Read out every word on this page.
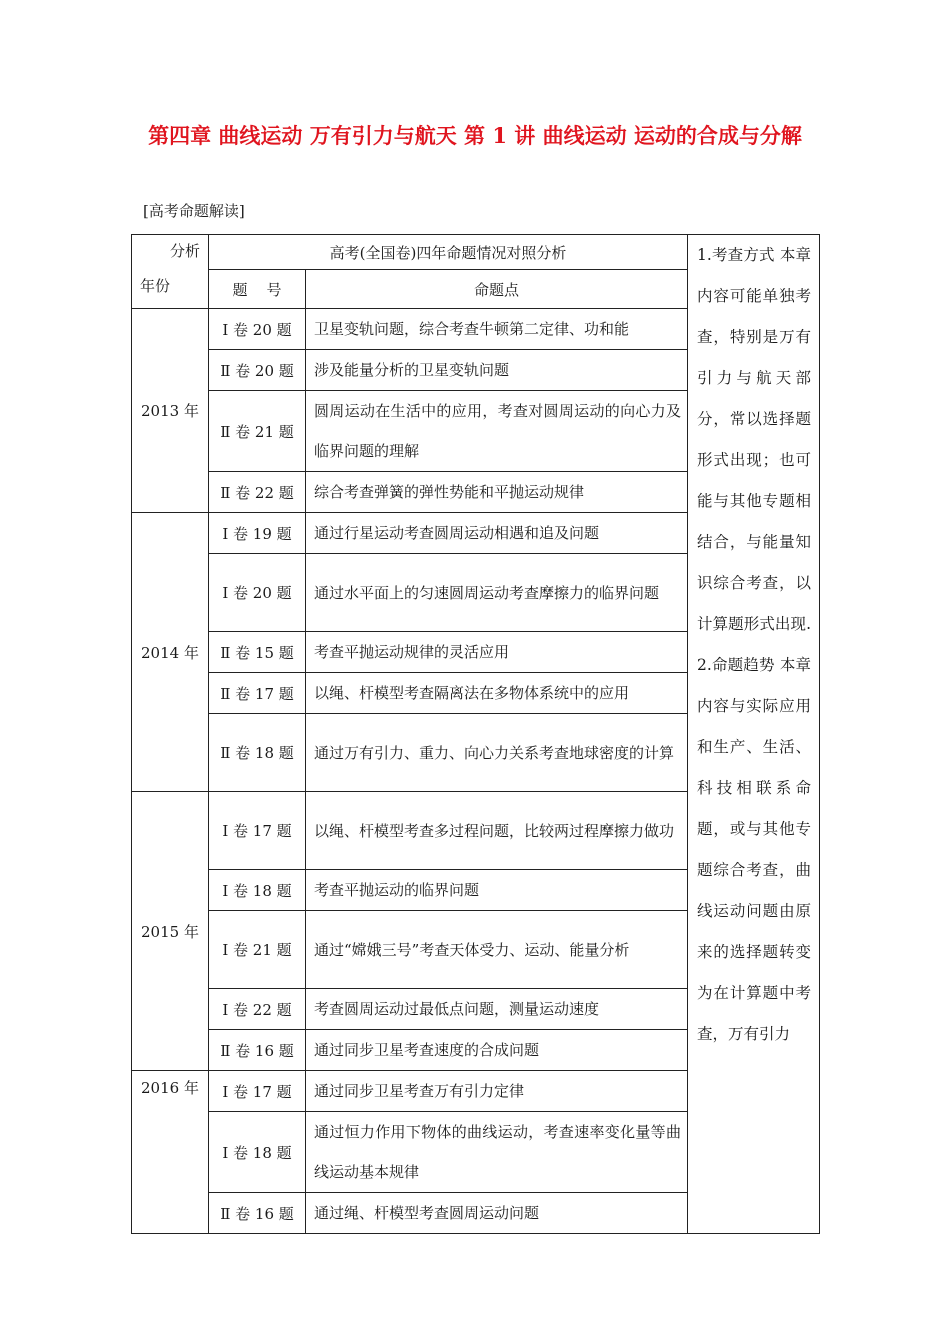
第四章 曲线运动 万有引力与航天 第 1 讲 曲线运动 运动的合成与分解
[高考命题解读]
分析
年份	高考(全国卷)四年命题情况对照分析		1.考查方式 本章内容可能单独考查，特别是万有引力与航天部分，常以选择题形式出现；也可能与其他专题相结合，与能量知识综合考查，以计算题形式出现. 2.命题趋势 本章内容与实际应用和生产、生活、科技相联系命题，或与其他专题综合考查，曲线运动问题由原来的选择题转变为在计算题中考查，万有引力

	题    号	命题点	
2013 年	Ⅰ 卷 20 题	卫星变轨问题，综合考查牛顿第二定律、功和能	
	Ⅱ 卷 20 题	涉及能量分析的卫星变轨问题	
	Ⅱ 卷 21 题	圆周运动在生活中的应用，考查对圆周运动的向心力及临界问题的理解	
	Ⅱ 卷 22 题	综合考查弹簧的弹性势能和平抛运动规律	
2014 年	Ⅰ 卷 19 题	通过行星运动考查圆周运动相遇和追及问题	
	Ⅰ 卷 20 题	通过水平面上的匀速圆周运动考查摩擦力的临界问题	
	Ⅱ 卷 15 题	考查平抛运动规律的灵活应用	
	Ⅱ 卷 17 题	以绳、杆模型考查隔离法在多物体系统中的应用	
	Ⅱ 卷 18 题	通过万有引力、重力、向心力关系考查地球密度的计算	
2015 年	Ⅰ 卷 17 题	以绳、杆模型考查多过程问题，比较两过程摩擦力做功	
	Ⅰ 卷 18 题	考查平抛运动的临界问题	
	Ⅰ 卷 21 题	通过“嫦娥三号”考查天体受力、运动、能量分析	
	Ⅰ 卷 22 题	考查圆周运动过最低点问题，测量运动速度	
	Ⅱ 卷 16 题	通过同步卫星考查速度的合成问题	
2016 年	Ⅰ 卷 17 题	通过同步卫星考查万有引力定律	
	Ⅰ 卷 18 题	通过恒力作用下物体的曲线运动，考查速率变化量等曲线运动基本规律	
	Ⅱ 卷 16 题	通过绳、杆模型考查圆周运动问题	
